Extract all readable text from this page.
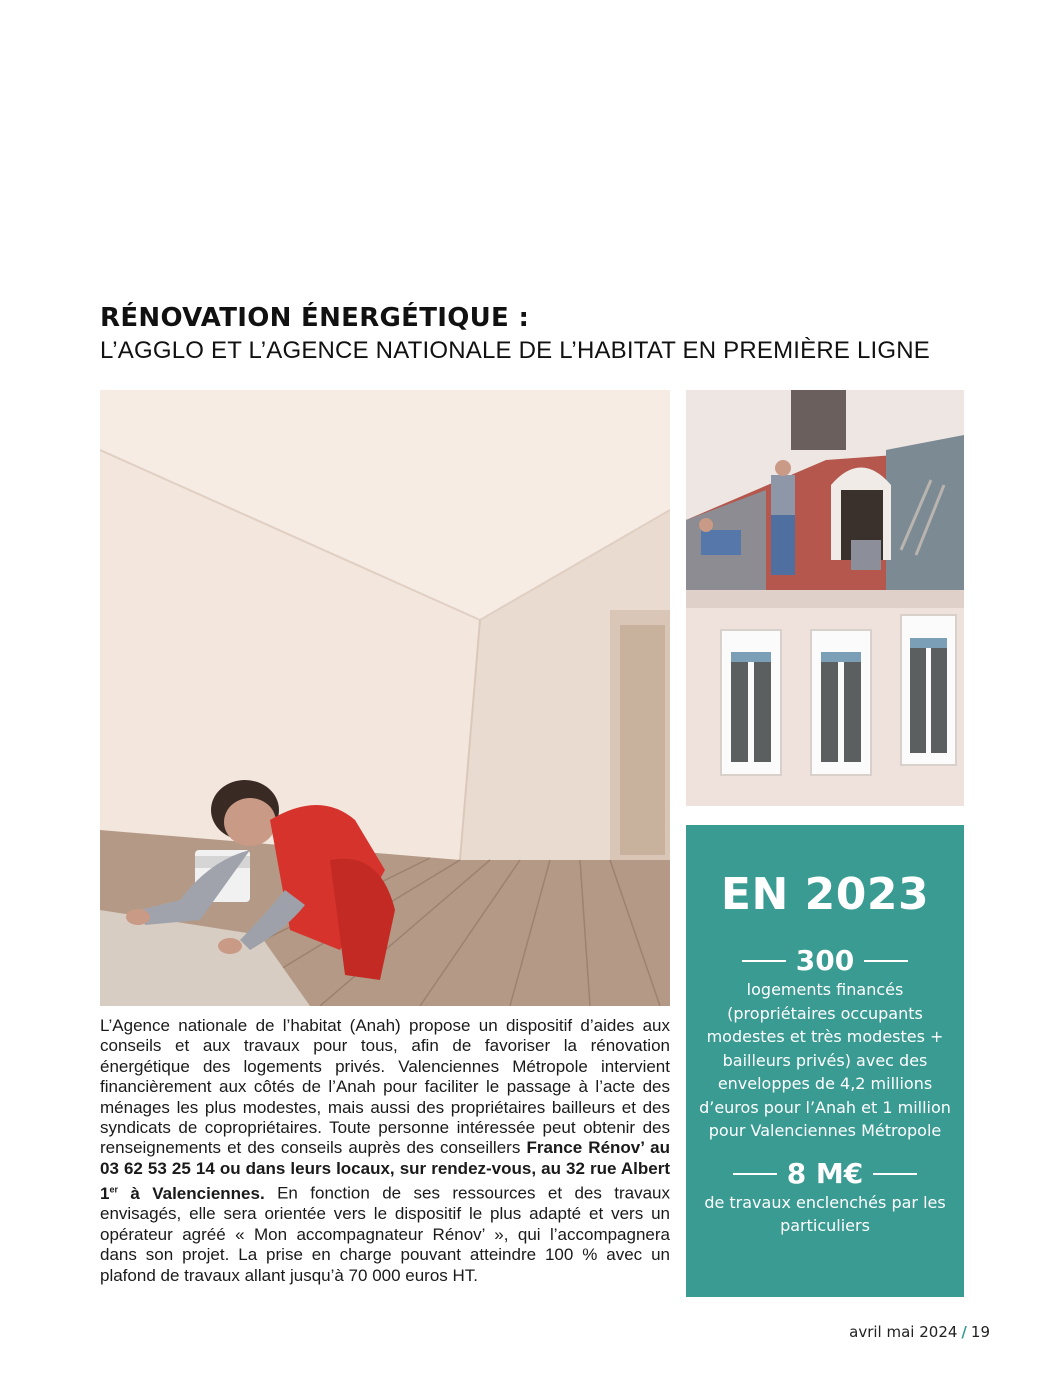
RÉNOVATION ÉNERGÉTIQUE :
L’AGGLO ET L’AGENCE NATIONALE DE L’HABITAT EN PREMIÈRE LIGNE
L’Agence nationale de l’habitat (Anah) propose un dispositif d’aides aux conseils et aux travaux pour tous, afin de favoriser la rénovation énergétique des logements privés. Valenciennes Métropole intervient financièrement aux côtés de l’Anah pour faciliter le passage à l’acte des ménages les plus modestes, mais aussi des propriétaires bailleurs et des syndicats de copropriétaires. Toute personne intéressée peut obtenir des renseignements et des conseils auprès des conseillers France Rénov’ au 03 62 53 25 14 ou dans leurs locaux, sur rendez-vous, au 32 rue Albert 1er à Valenciennes. En fonction de ses ressources et des travaux envisagés, elle sera orientée vers le dispositif le plus adapté et vers un opérateur agréé « Mon accompagnateur Rénov’ », qui l’accompagnera dans son projet. La prise en charge pouvant atteindre 100 % avec un plafond de travaux allant jusqu’à 70 000 euros HT.
EN 2023
300
logements financés (propriétaires occupants modestes et très modestes + bailleurs privés) avec des enveloppes de 4,2 millions d’euros pour l’Anah et 1 million pour Valenciennes Métropole
8 M€
de travaux enclenchés par les particuliers
avril mai 2024 / 19
